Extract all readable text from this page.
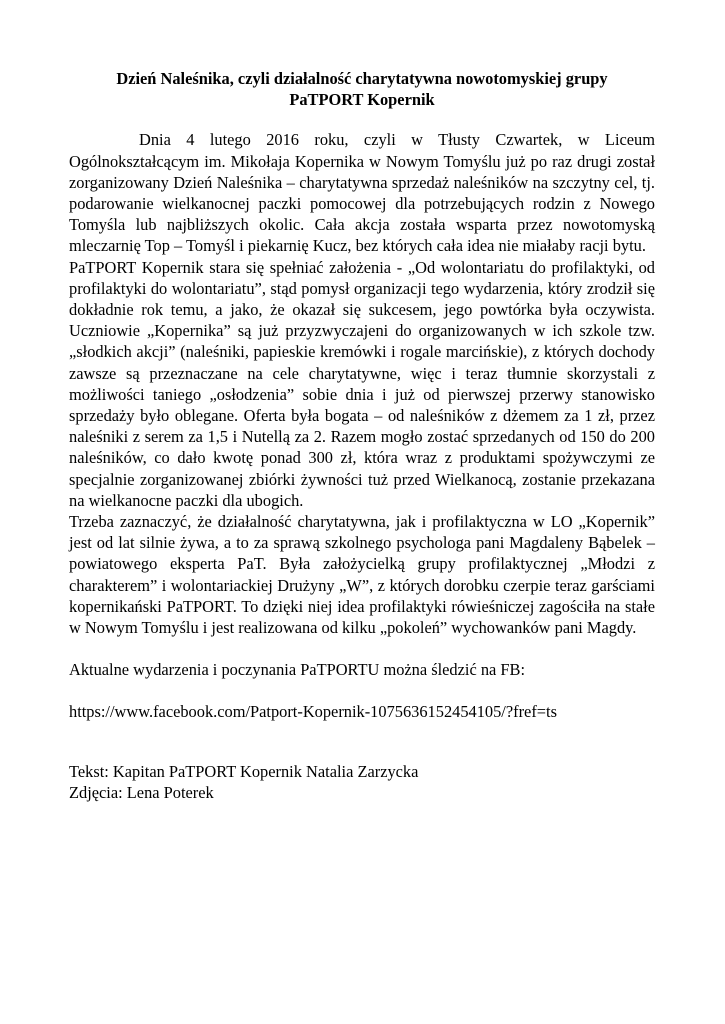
Dzień Naleśnika, czyli działalność charytatywna nowotomyskiej grupy

PaTPORT Kopernik

Dnia 4 lutego 2016 roku, czyli w Tłusty Czwartek, w Liceum Ogólnokształcącym im. Mikołaja Kopernika w Nowym Tomyślu już po raz drugi został zorganizowany Dzień Naleśnika – charytatywna sprzedaż naleśników na szczytny cel, tj. podarowanie wielkanocnej paczki pomocowej dla potrzebujących rodzin z Nowego Tomyśla lub najbliższych okolic. Cała akcja została wsparta przez nowotomyską mleczarnię Top – Tomyśl i piekarnię Kucz, bez których cała idea nie miałaby racji bytu.

PaTPORT Kopernik stara się spełniać założenia - „Od wolontariatu do profilaktyki, od profilaktyki do wolontariatu”, stąd pomysł organizacji tego wydarzenia, który zrodził się dokładnie rok temu, a jako, że okazał się sukcesem, jego powtórka była oczywista. Uczniowie „Kopernika” są już przyzwyczajeni do organizowanych w ich szkole tzw. „słodkich akcji” (naleśniki, papieskie kremówki i rogale marcińskie), z których dochody zawsze są przeznaczane na cele charytatywne, więc i teraz tłumnie skorzystali z możliwości taniego „osłodzenia” sobie dnia i już od pierwszej przerwy stanowisko sprzedaży było oblegane. Oferta była bogata – od naleśników z dżemem za 1 zł, przez naleśniki z serem za 1,5 i Nutellą za 2. Razem mogło zostać sprzedanych od 150 do 200 naleśników, co dało kwotę ponad 300 zł, która wraz z produktami spożywczymi ze specjalnie zorganizowanej zbiórki żywności tuż przed Wielkanocą, zostanie przekazana na wielkanocne paczki dla ubogich.

Trzeba zaznaczyć, że działalność charytatywna, jak i profilaktyczna w LO „Kopernik” jest od lat silnie żywa, a to za sprawą szkolnego psychologa pani Magdaleny Bąbelek – powiatowego eksperta PaT. Była założycielką grupy profilaktycznej „Młodzi z charakterem” i wolontariackiej Drużyny „W”, z których dorobku czerpie teraz garściami kopernikański PaTPORT. To dzięki niej idea profilaktyki rówieśniczej zagościła na stałe w Nowym Tomyślu i jest realizowana od kilku „pokoleń” wychowanków pani Magdy.

Aktualne wydarzenia i poczynania PaTPORTU można śledzić na FB:

https://www.facebook.com/Patport-Kopernik-1075636152454105/?fref=ts

Tekst: Kapitan PaTPORT Kopernik Natalia Zarzycka

Zdjęcia: Lena Poterek
